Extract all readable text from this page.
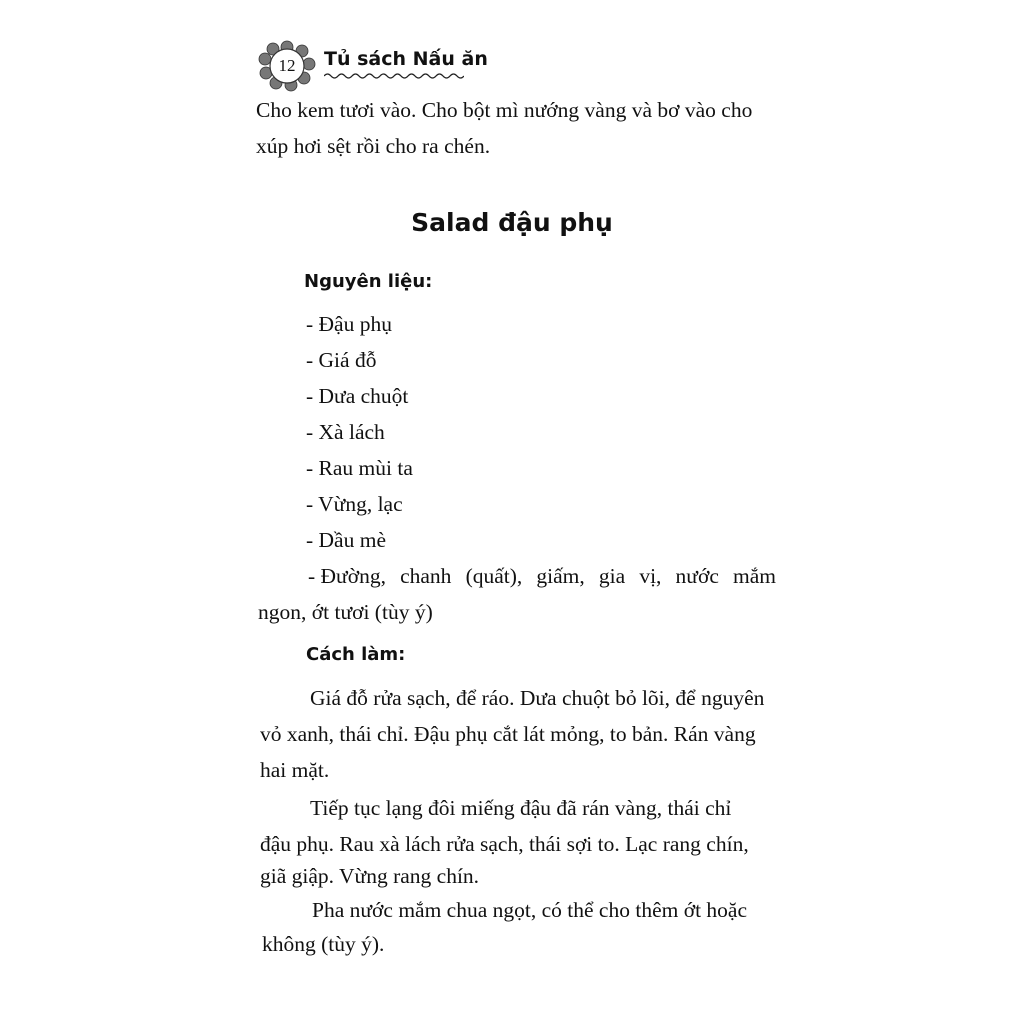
12	Tủ sách Nấu ăn
Cho kem tươi vào. Cho bột mì nướng vàng và bơ vào cho
xúp hơi sệt rồi cho ra chén.
Salad đậu phụ
Nguyên liệu:
- Đậu phụ
- Giá đỗ
- Dưa chuột
- Xà lách
- Rau mùi ta
- Vừng, lạc
- Dầu mè
- Đường, chanh (quất), giấm, gia vị, nước mắm
ngon, ớt tươi (tùy ý)
Cách làm:
Giá đỗ rửa sạch, để ráo. Dưa chuột bỏ lõi, để nguyên
vỏ xanh, thái chỉ. Đậu phụ cắt lát mỏng, to bản. Rán vàng
hai mặt.
Tiếp tục lạng đôi miếng đậu đã rán vàng, thái chỉ
đậu phụ. Rau xà lách rửa sạch, thái sợi to. Lạc rang chín,
giã giập. Vừng rang chín.
Pha nước mắm chua ngọt, có thể cho thêm ớt hoặc
không (tùy ý).
